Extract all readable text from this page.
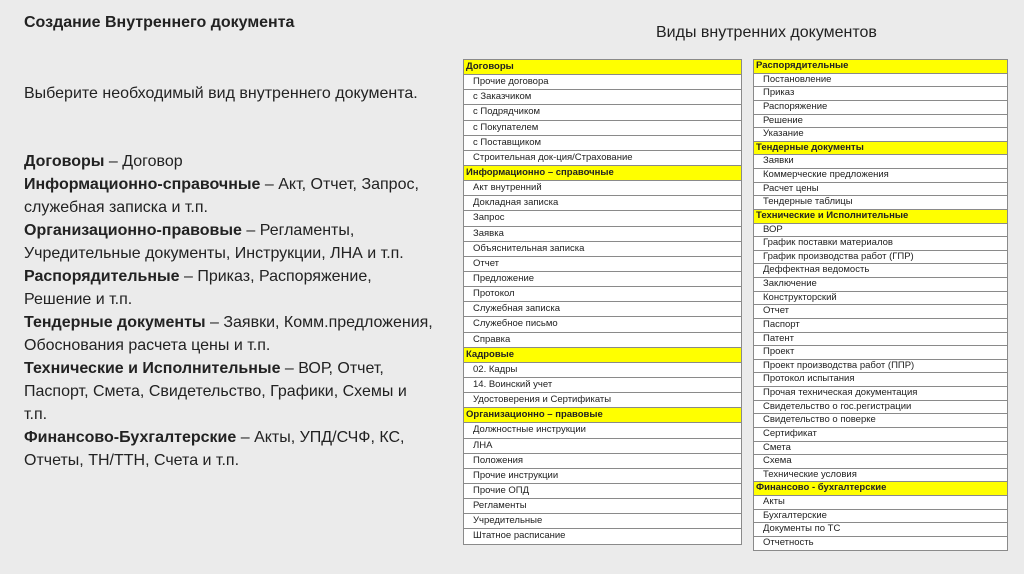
Создание Внутреннего документа
Виды внутренних документов
Выберите необходимый вид внутреннего документа.

Договоры – Договор

Информационно-справочные – Акт, Отчет, Запрос, служебная записка и т.п.

Организационно-правовые – Регламенты, Учредительные документы, Инструкции, ЛНА и т.п.

Распорядительные – Приказ, Распоряжение, Решение и т.п.

Тендерные документы – Заявки, Комм.предложения, Обоснования расчета цены и т.п.

Технические и Исполнительные – ВОР, Отчет, Паспорт, Смета, Свидетельство, Графики, Схемы и т.п.

Финансово-Бухгалтерские – Акты, УПД/СЧФ, КС, Отчеты, ТН/ТТН, Счета и т.п.

Договоры
Прочие договора
с Заказчиком
с Подрядчиком
с Покупателем
с Поставщиком
Строительная док-ция/Страхование
Информационно – справочные
Акт внутренний
Докладная записка
Запрос
Заявка
Объяснительная записка
Отчет
Предложение
Протокол
Служебная записка
Служебное письмо
Справка
Кадровые
02. Кадры
14. Воинский учет
Удостоверения и Сертификаты
Организационно – правовые
Должностные инструкции
ЛНА
Положения
Прочие инструкции
Прочие ОПД
Регламенты
Учредительные
Штатное расписание
Распорядительные
Постановление
Приказ
Распоряжение
Решение
Указание
Тендерные документы
Заявки
Коммерческие предложения
Расчет цены
Тендерные таблицы
Технические и Исполнительные
ВОР
График поставки материалов
График производства работ (ГПР)
Деффектная ведомость
Заключение
Конструкторский
Отчет
Паспорт
Патент
Проект
Проект производства работ (ППР)
Протокол испытания
Прочая техническая документация
Свидетельство о гос.регистрации
Свидетельство о поверке
Сертификат
Смета
Схема
Технические условия
Финансово - бухгалтерские
Акты
Бухгалтерские
Документы по ТС
Отчетность
